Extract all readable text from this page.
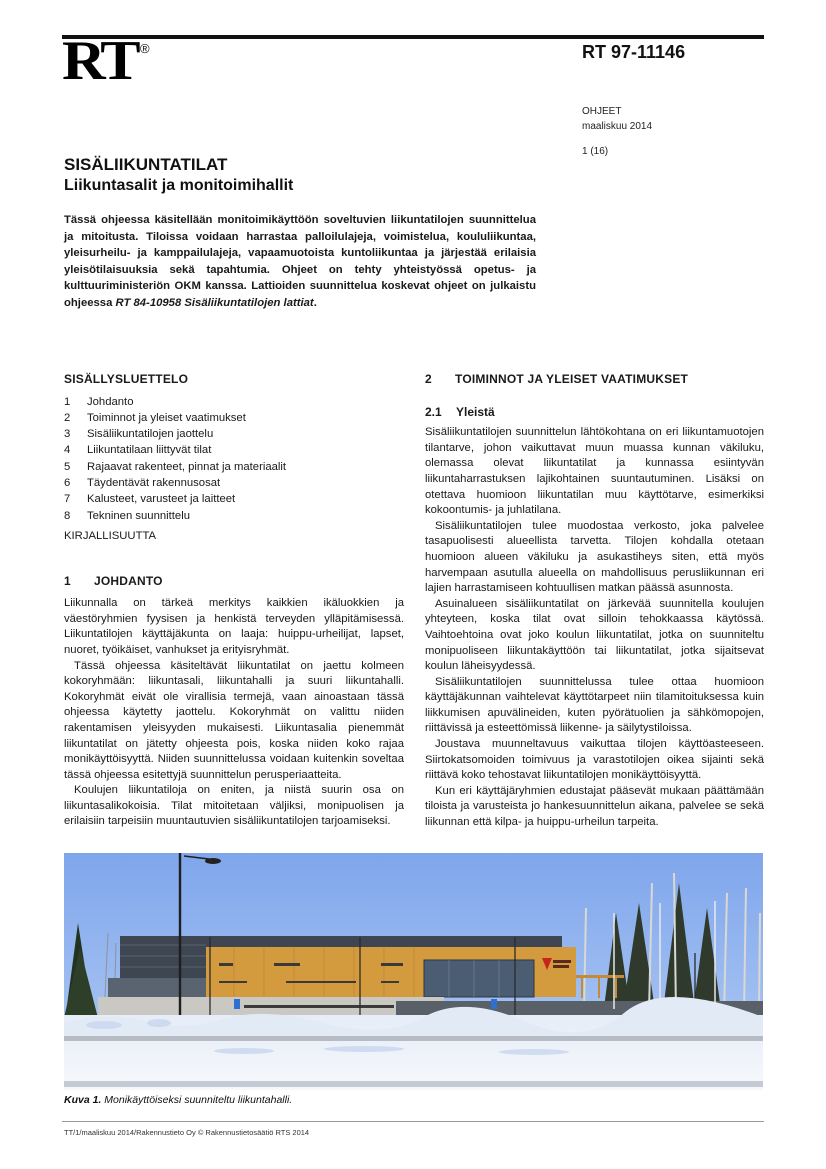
RT ®	RT 97-11146
OHJEET
maaliskuu 2014
1 (16)
SISÄLIIKUNTATILAT
Liikuntasalit ja monitoimihallit
Tässä ohjeessa käsitellään monitoimikäyttöön soveltuvien liikuntatilojen suunnittelua ja mitoitusta. Tiloissa voidaan harrastaa palloilulajeja, voimistelua, koululiikuntaa, yleisurheilu- ja kamppailulajeja, vapaamuotoista kuntoliikuntaa ja järjestää erilaisia yleisötilaisuuksia sekä tapahtumia. Ohjeet on tehty yhteistyössä opetus- ja kulttuuriministeriön OKM kanssa. Lattioiden suunnittelua koskevat ohjeet on julkaistu ohjeessa RT 84-10958 Sisäliikuntatilojen lattiat.
SISÄLLYSLUETTELO
1	Johdanto
2	Toiminnot ja yleiset vaatimukset
3	Sisäliikuntatilojen jaottelu
4	Liikuntatilaan liittyvät tilat
5	Rajaavat rakenteet, pinnat ja materiaalit
6	Täydentävät rakennusosat
7	Kalusteet, varusteet ja laitteet
8	Tekninen suunnittelu
KIRJALLISUUTTA
1	JOHDANTO

Liikunnalla on tärkeä merkitys kaikkien ikäluokkien ja väestöryhmien fyysisen ja henkistä terveyden ylläpitämisessä. Liikuntatilojen käyttäjäkunta on laaja: huippu-urheilijat, lapset, nuoret, työikäiset, vanhukset ja erityisryhmät.

Tässä ohjeessa käsiteltävät liikuntatilat on jaettu kolmeen kokoryhmään: liikuntasali, liikuntahalli ja suuri liikuntahalli. Kokoryhmät eivät ole virallisia termejä, vaan ainoastaan tässä ohjeessa käytetty jaottelu. Kokoryhmät on valittu niiden rakentamisen yleisyyden mukaisesti. Liikuntasalia pienemmät liikuntatilat on jätetty ohjeesta pois, koska niiden koko rajaa monikäyttöisyyttä. Niiden suunnittelussa voidaan kuitenkin soveltaa tässä ohjeessa esitettyjä suunnittelun perusperiaatteita.

Koulujen liikuntatiloja on eniten, ja niistä suurin osa on liikuntasalikokoisia. Tilat mitoitetaan väljiksi, monipuolisen ja erilaisiin tarpeisiin muuntautuvien sisäliikuntatilojen tarjoamiseksi.

2	TOIMINNOT JA YLEISET VAATIMUKSET
2.1	Yleistä

Sisäliikuntatilojen suunnittelun lähtökohtana on eri liikuntamuotojen tilantarve, johon vaikuttavat muun muassa kunnan väkiluku, olemassa olevat liikuntatilat ja kunnassa esiintyvän liikuntaharrastuksen lajikohtainen suuntautuminen. Lisäksi on otettava huomioon liikuntatilan muu käyttötarve, esimerkiksi kokoontumis- ja juhlatilana.

Sisäliikuntatilojen tulee muodostaa verkosto, joka palvelee tasapuolisesti alueellista tarvetta. Tilojen kohdalla otetaan huomioon alueen väkiluku ja asukastiheys siten, että myös harvempaan asutulla alueella on mahdollisuus perusliikunnan eri lajien harrastamiseen kohtuullisen matkan päässä asunnosta.

Asuinalueen sisäliikuntatilat on järkevää suunnitella koulujen yhteyteen, koska tilat ovat silloin tehokkaassa käytössä. Vaihtoehtoina ovat joko koulun liikuntatilat, jotka on suunniteltu monipuoliseen liikuntakäyttöön tai liikuntatilat, jotka sijaitsevat koulun läheisyydessä.

Sisäliikuntatilojen suunnittelussa tulee ottaa huomioon käyttäjäkunnan vaihtelevat käyttötarpeet niin tilamitoituksessa kuin liikkumisen apuvälineiden, kuten pyörätuolien ja sähkömopojen, riittävissä ja esteettömissä liikenne- ja säilytystiloissa.

Joustava muunneltavuus vaikuttaa tilojen käyttöasteeseen. Siirtokatsomoiden toimivuus ja varastotilojen oikea sijainti sekä riittävä koko tehostavat liikuntatilojen monikäyttöisyyttä.

Kun eri käyttäjäryhmien edustajat pääsevät mukaan päättämään tiloista ja varusteista jo hankesuunnittelun aikana, palvelee se sekä liikunnan että kilpa- ja huippu-urheilun tarpeita.

Kuva 1. Monikäyttöiseksi suunniteltu liikuntahalli.
TT/1/maaliskuu 2014/Rakennustieto Oy © Rakennustietosäätiö RTS 2014
